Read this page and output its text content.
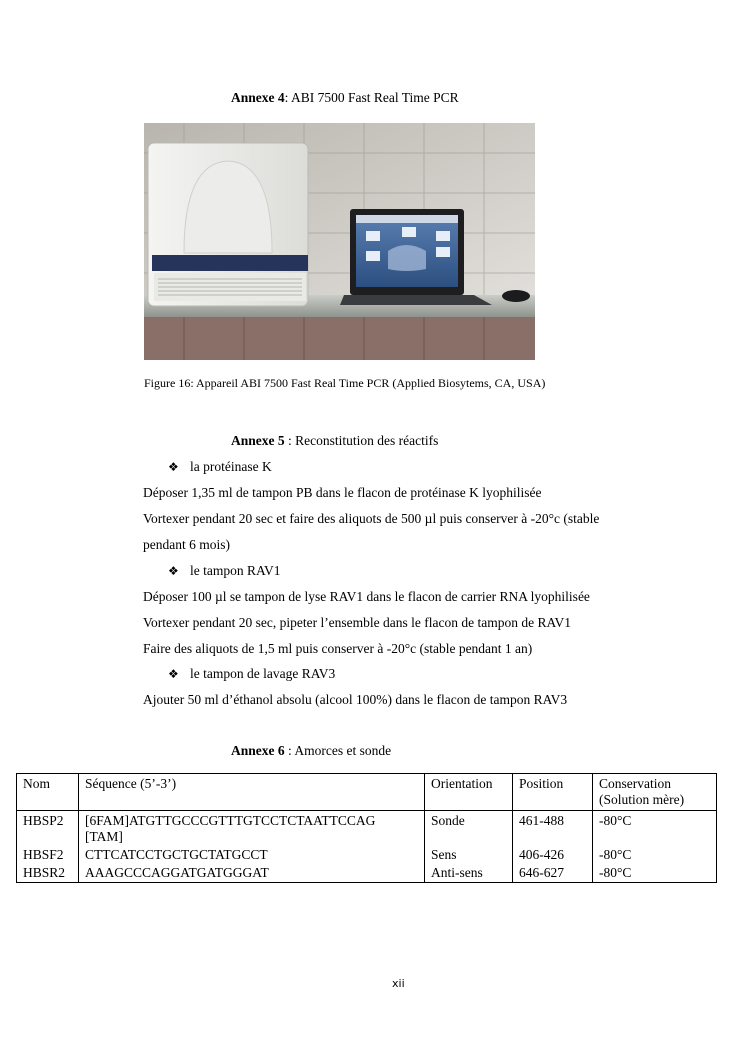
Annexe 4: ABI 7500 Fast Real Time PCR
Figure 16: Appareil ABI 7500 Fast Real Time PCR (Applied Biosytems, CA, USA)
Annexe 5 : Reconstitution des réactifs
❖ la protéinase K
Déposer 1,35 ml de tampon PB dans le flacon de protéinase K lyophilisée
Vortexer pendant 20 sec et faire des aliquots de 500 µl puis conserver à -20°c (stable
pendant 6 mois)
❖ le tampon RAV1
Déposer 100 µl se tampon de lyse RAV1 dans le flacon de carrier RNA lyophilisée
Vortexer pendant 20 sec, pipeter l’ensemble dans le flacon de tampon de RAV1
Faire des aliquots de 1,5 ml puis conserver à -20°c (stable pendant 1 an)
❖ le tampon de lavage RAV3
Ajouter 50 ml d’éthanol absolu (alcool 100%) dans le flacon de tampon RAV3
Annexe 6 : Amorces et sonde
Nom	Séquence (5’-3’)	Orientation	Position	Conservation
(Solution mère)
HBSP2	[6FAM]ATGTTGCCCGTTTGTCCTCTAATTCCAG
[TAM]	Sonde	461-488	-80°C
HBSF2	CTTCATCCTGCTGCTATGCCT	Sens	406-426	-80°C
HBSR2	AAAGCCCAGGATGATGGGAT	Anti-sens	646-627	-80°C
xii
